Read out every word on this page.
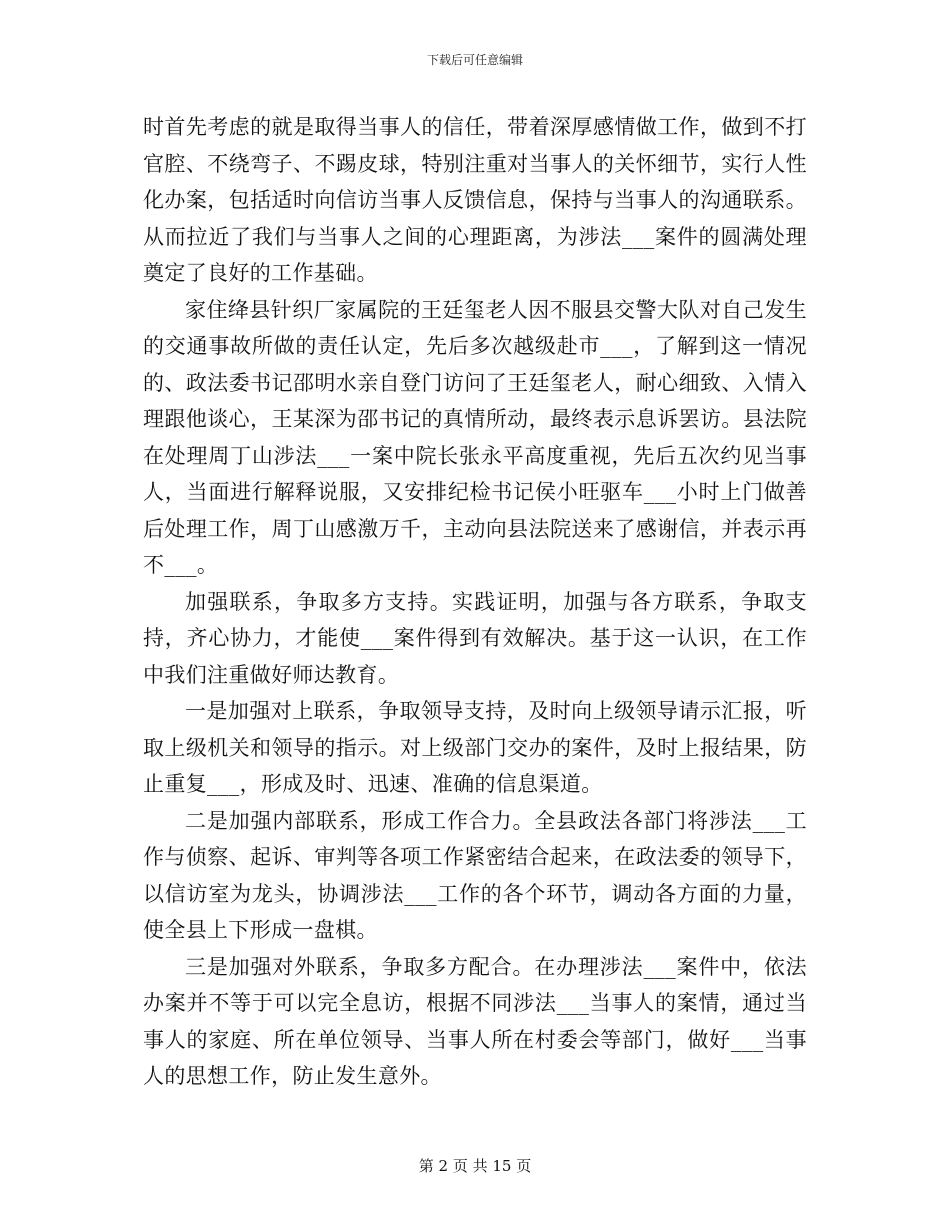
下载后可任意编辑

时首先考虑的就是取得当事人的信任，带着深厚感情做工作，做到不打官腔、不绕弯子、不踢皮球，特别注重对当事人的关怀细节，实行人性化办案，包括适时向信访当事人反馈信息，保持与当事人的沟通联系。从而拉近了我们与当事人之间的心理距离，为涉法___案件的圆满处理奠定了良好的工作基础。

家住绛县针织厂家属院的王廷玺老人因不服县交警大队对自己发生的交通事故所做的责任认定，先后多次越级赴市___，了解到这一情况的、政法委书记邵明水亲自登门访问了王廷玺老人，耐心细致、入情入理跟他谈心，王某深为邵书记的真情所动，最终表示息诉罢访。县法院在处理周丁山涉法___一案中院长张永平高度重视，先后五次约见当事人，当面进行解释说服，又安排纪检书记侯小旺驱车___小时上门做善后处理工作，周丁山感激万千，主动向县法院送来了感谢信，并表示再不___。

加强联系，争取多方支持。实践证明，加强与各方联系，争取支持，齐心协力，才能使___案件得到有效解决。基于这一认识，在工作中我们注重做好师达教育。

一是加强对上联系，争取领导支持，及时向上级领导请示汇报，听取上级机关和领导的指示。对上级部门交办的案件，及时上报结果，防止重复___，形成及时、迅速、准确的信息渠道。

二是加强内部联系，形成工作合力。全县政法各部门将涉法___工作与侦察、起诉、审判等各项工作紧密结合起来，在政法委的领导下，以信访室为龙头，协调涉法___工作的各个环节，调动各方面的力量，使全县上下形成一盘棋。

三是加强对外联系，争取多方配合。在办理涉法___案件中，依法办案并不等于可以完全息访，根据不同涉法___当事人的案情，通过当事人的家庭、所在单位领导、当事人所在村委会等部门，做好___当事人的思想工作，防止发生意外。

第 2 页 共 15 页
